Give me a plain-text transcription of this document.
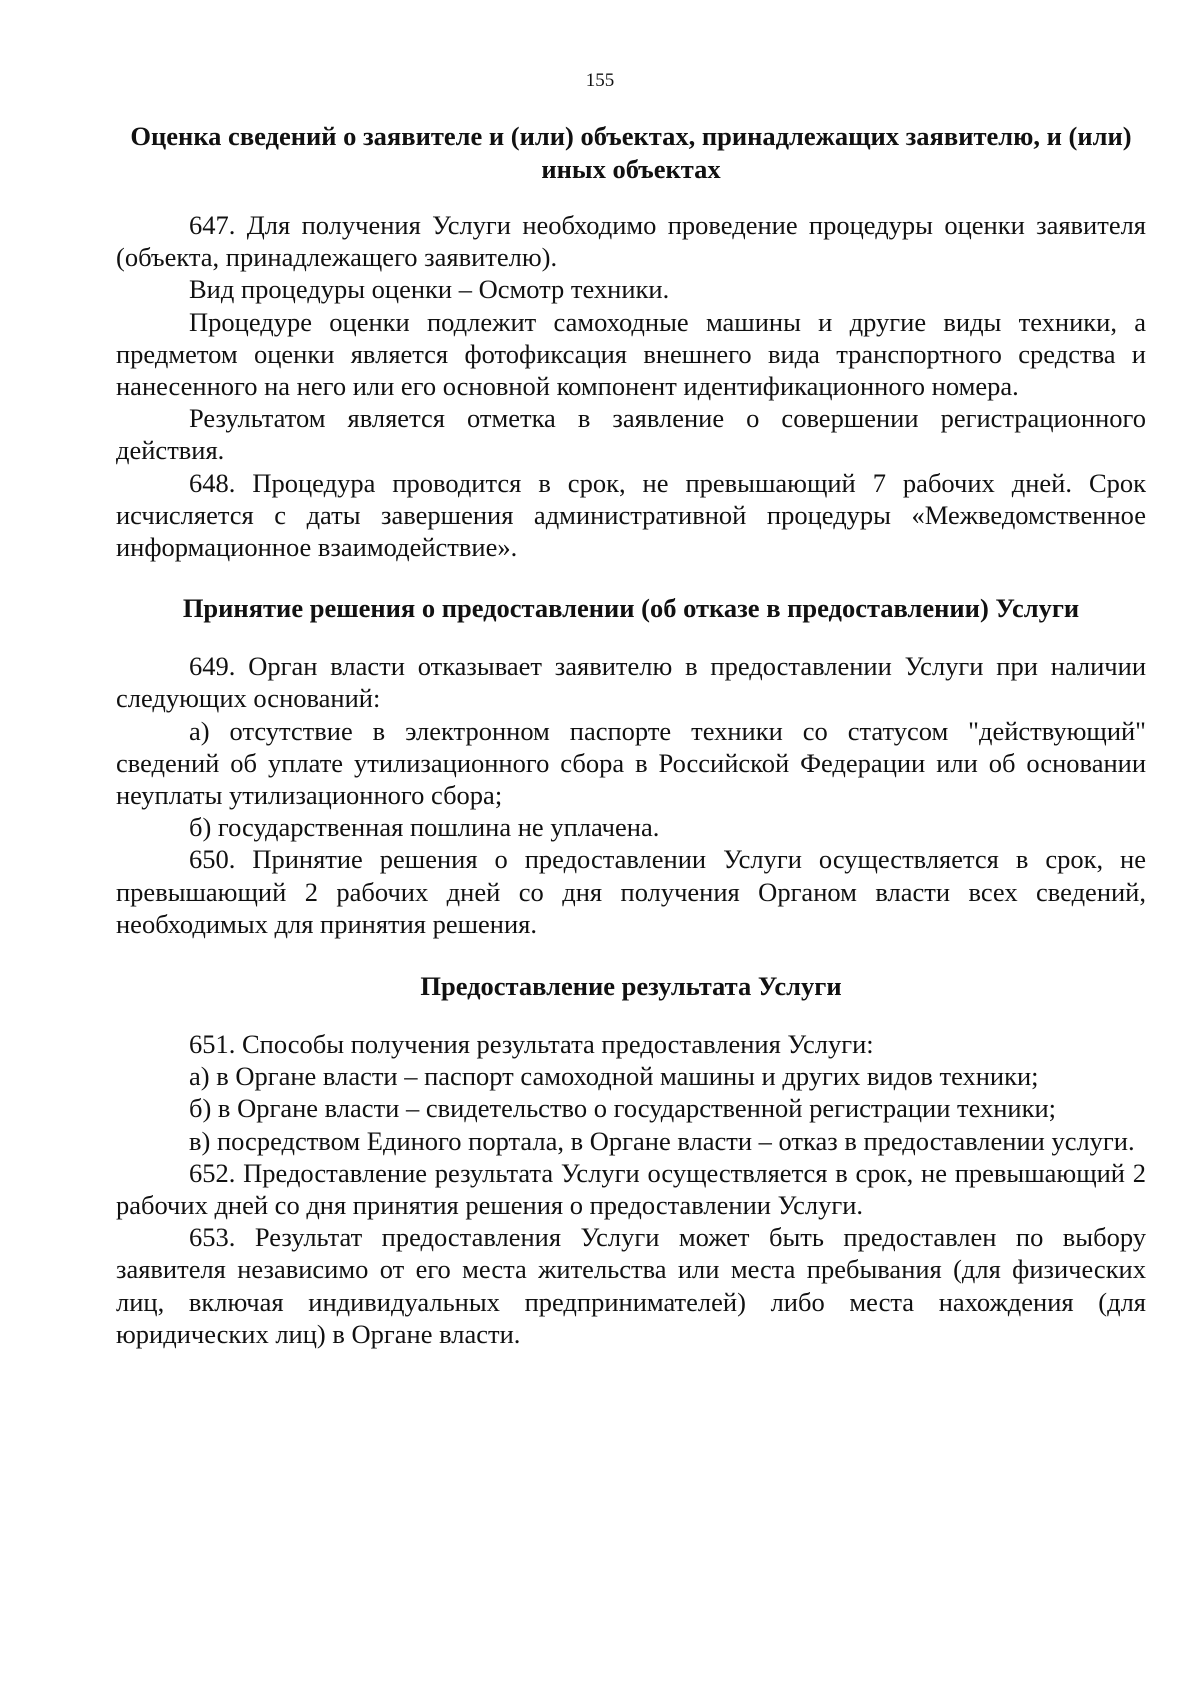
155
Оценка сведений о заявителе и (или) объектах, принадлежащих заявителю, и (или) иных объектах

647. Для получения Услуги необходимо проведение процедуры оценки заявителя (объекта, принадлежащего заявителю).

Вид процедуры оценки – Осмотр техники.

Процедуре оценки подлежит самоходные машины и другие виды техники, а предметом оценки является фотофиксация внешнего вида транспортного средства и нанесенного на него или его основной компонент идентификационного номера.

Результатом является отметка в заявление о совершении регистрационного действия.

648. Процедура проводится в срок, не превышающий 7 рабочих дней. Срок исчисляется с даты завершения административной процедуры «Межведомственное информационное взаимодействие».

Принятие решения о предоставлении (об отказе в предоставлении) Услуги

649. Орган власти отказывает заявителю в предоставлении Услуги при наличии следующих оснований:

а) отсутствие в электронном паспорте техники со статусом "действующий" сведений об уплате утилизационного сбора в Российской Федерации или об основании неуплаты утилизационного сбора;

б) государственная пошлина не уплачена.

650. Принятие решения о предоставлении Услуги осуществляется в срок, не превышающий 2 рабочих дней со дня получения Органом власти всех сведений, необходимых для принятия решения.

Предоставление результата Услуги

651. Способы получения результата предоставления Услуги:

а) в Органе власти – паспорт самоходной машины и других видов техники;

б) в Органе власти – свидетельство о государственной регистрации техники;

в) посредством Единого портала, в Органе власти – отказ в предоставлении услуги.

652. Предоставление результата Услуги осуществляется в срок, не превышающий 2 рабочих дней со дня принятия решения о предоставлении Услуги.

653. Результат предоставления Услуги может быть предоставлен по выбору заявителя независимо от его места жительства или места пребывания (для физических лиц, включая индивидуальных предпринимателей) либо места нахождения (для юридических лиц) в Органе власти.
